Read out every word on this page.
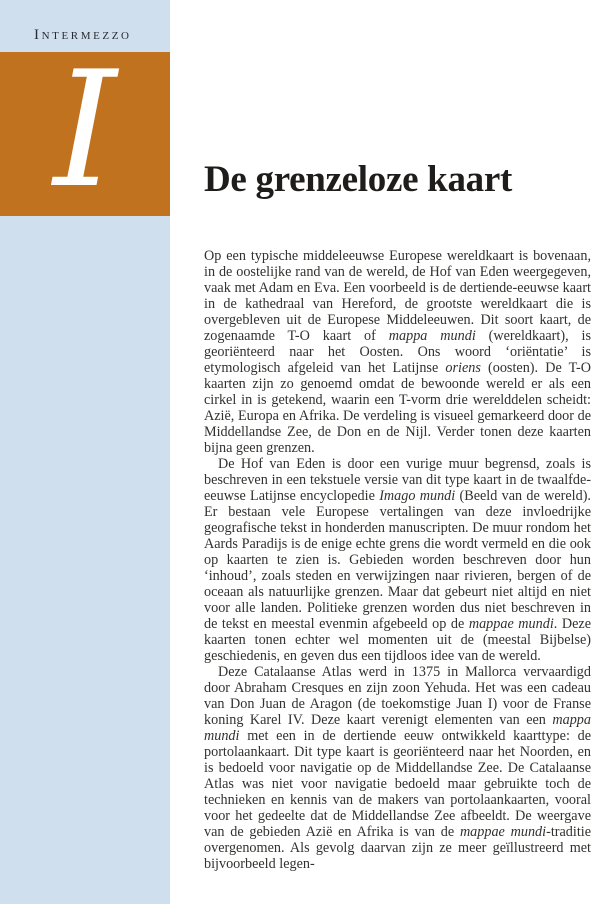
Intermezzo
I De grenzeloze kaart

Op een typische middeleeuwse Europese wereldkaart is bovenaan, in de oostelijke rand van de wereld, de Hof van Eden weergegeven, vaak met Adam en Eva. Een voorbeeld is de dertiende-eeuwse kaart in de kathedraal van Hereford, de grootste wereldkaart die is overgebleven uit de Europese Middeleeuwen. Dit soort kaart, de zogenaamde T-O kaart of mappa mundi (wereldkaart), is georiënteerd naar het Oosten. Ons woord ‘oriëntatie’ is etymologisch afgeleid van het Latijnse oriens (oosten). De T-O kaarten zijn zo genoemd omdat de bewoonde wereld er als een cirkel in is getekend, waarin een T-vorm drie werelddelen scheidt: Azië, Europa en Afrika. De verdeling is visueel gemarkeerd door de Middellandse Zee, de Don en de Nijl. Verder tonen deze kaarten bijna geen grenzen.

De Hof van Eden is door een vurige muur begrensd, zoals is beschreven in een tekstuele versie van dit type kaart in de twaalfde-eeuwse Latijnse encyclopedie Imago mundi (Beeld van de wereld). Er bestaan vele Europese vertalingen van deze invloedrijke geografische tekst in honderden manuscripten. De muur rondom het Aards Paradijs is de enige echte grens die wordt vermeld en die ook op kaarten te zien is. Gebieden worden beschreven door hun ‘inhoud’, zoals steden en verwijzingen naar rivieren, bergen of de oceaan als natuurlijke grenzen. Maar dat gebeurt niet altijd en niet voor alle landen. Politieke grenzen worden dus niet beschreven in de tekst en meestal evenmin afgebeeld op de mappae mundi. Deze kaarten tonen echter wel momenten uit de (meestal Bijbelse) geschiedenis, en geven dus een tijdloos idee van de wereld.

Deze Catalaanse Atlas werd in 1375 in Mallorca vervaardigd door Abraham Cresques en zijn zoon Yehuda. Het was een cadeau van Don Juan de Aragon (de toekomstige Juan I) voor de Franse koning Karel IV. Deze kaart verenigt elementen van een mappa mundi met een in de dertiende eeuw ontwikkeld kaarttype: de portolaankaart. Dit type kaart is georiënteerd naar het Noorden, en is bedoeld voor navigatie op de Middellandse Zee. De Catalaanse Atlas was niet voor navigatie bedoeld maar gebruikte toch de technieken en kennis van de makers van portolaankaarten, vooral voor het gedeelte dat de Middellandse Zee afbeeldt. De weergave van de gebieden Azië en Afrika is van de mappae mundi-traditie overgenomen. Als gevolg daarvan zijn ze meer geïllustreerd met bijvoorbeeld legen-
